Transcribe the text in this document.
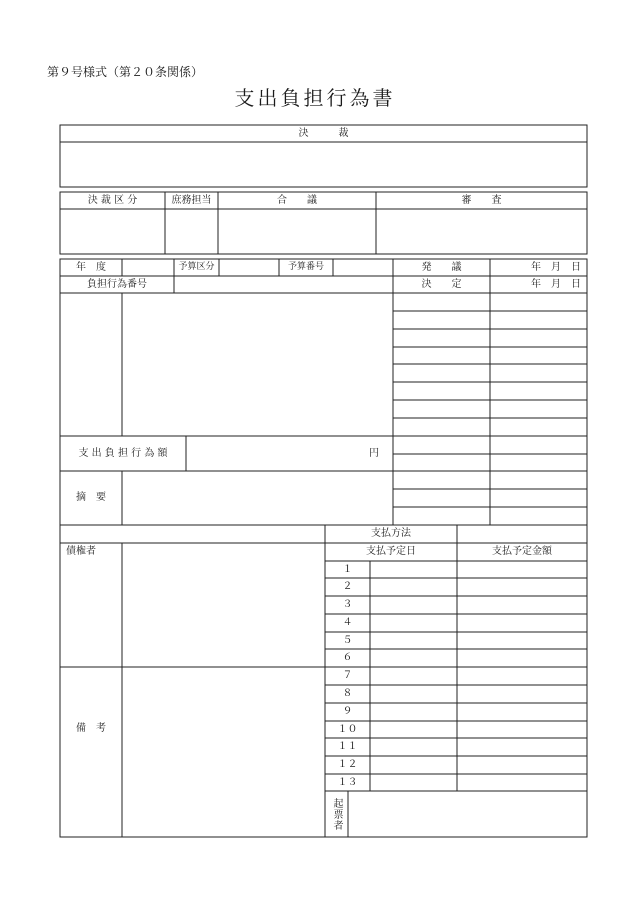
第９号様式（第２０条関係）
支出負担行為書
決　　　裁
決 裁 区 分	庶務担当	合　　議	審　　査
年　度	予算区分	予算番号	発　　議	年　月　日
負担行為番号	決　　定	年　月　日
支 出 負 担 行 為 額	円
摘　要
支払方法
支払予定日	支払予定金額
債権者
備　考
１
２
３
４
５
６
７
８
９
１０
１１
１２
１３
起票者
